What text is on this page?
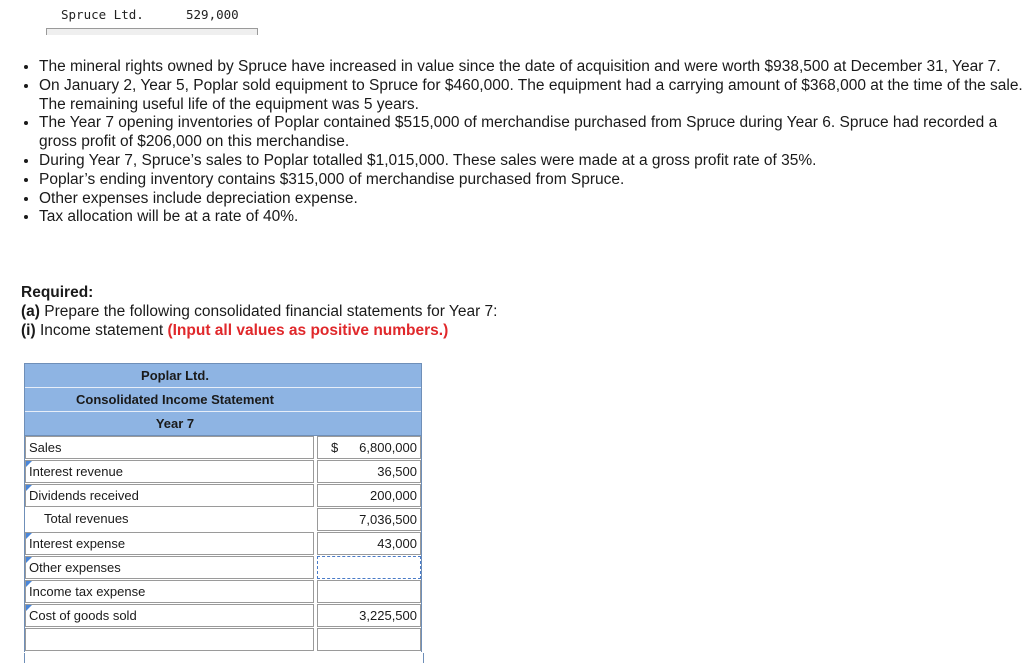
Spruce Ltd.	529,000
• The mineral rights owned by Spruce have increased in value since the date of acquisition and were worth $938,500 at December 31, Year 7.
• On January 2, Year 5, Poplar sold equipment to Spruce for $460,000. The equipment had a carrying amount of $368,000 at the time of the sale. The remaining useful life of the equipment was 5 years.
• The Year 7 opening inventories of Poplar contained $515,000 of merchandise purchased from Spruce during Year 6. Spruce had recorded a gross profit of $206,000 on this merchandise.
• During Year 7, Spruce’s sales to Poplar totalled $1,015,000. These sales were made at a gross profit rate of 35%.
• Poplar’s ending inventory contains $315,000 of merchandise purchased from Spruce.
• Other expenses include depreciation expense.
• Tax allocation will be at a rate of 40%.
Required:
(a) Prepare the following consolidated financial statements for Year 7:
(i) Income statement (Input all values as positive numbers.)
Poplar Ltd.
Consolidated Income Statement
Year 7
Sales	$ 6,800,000
Interest revenue	36,500
Dividends received	200,000
Total revenues	7,036,500
Interest expense	43,000
Other expenses
Income tax expense
Cost of goods sold	3,225,500
